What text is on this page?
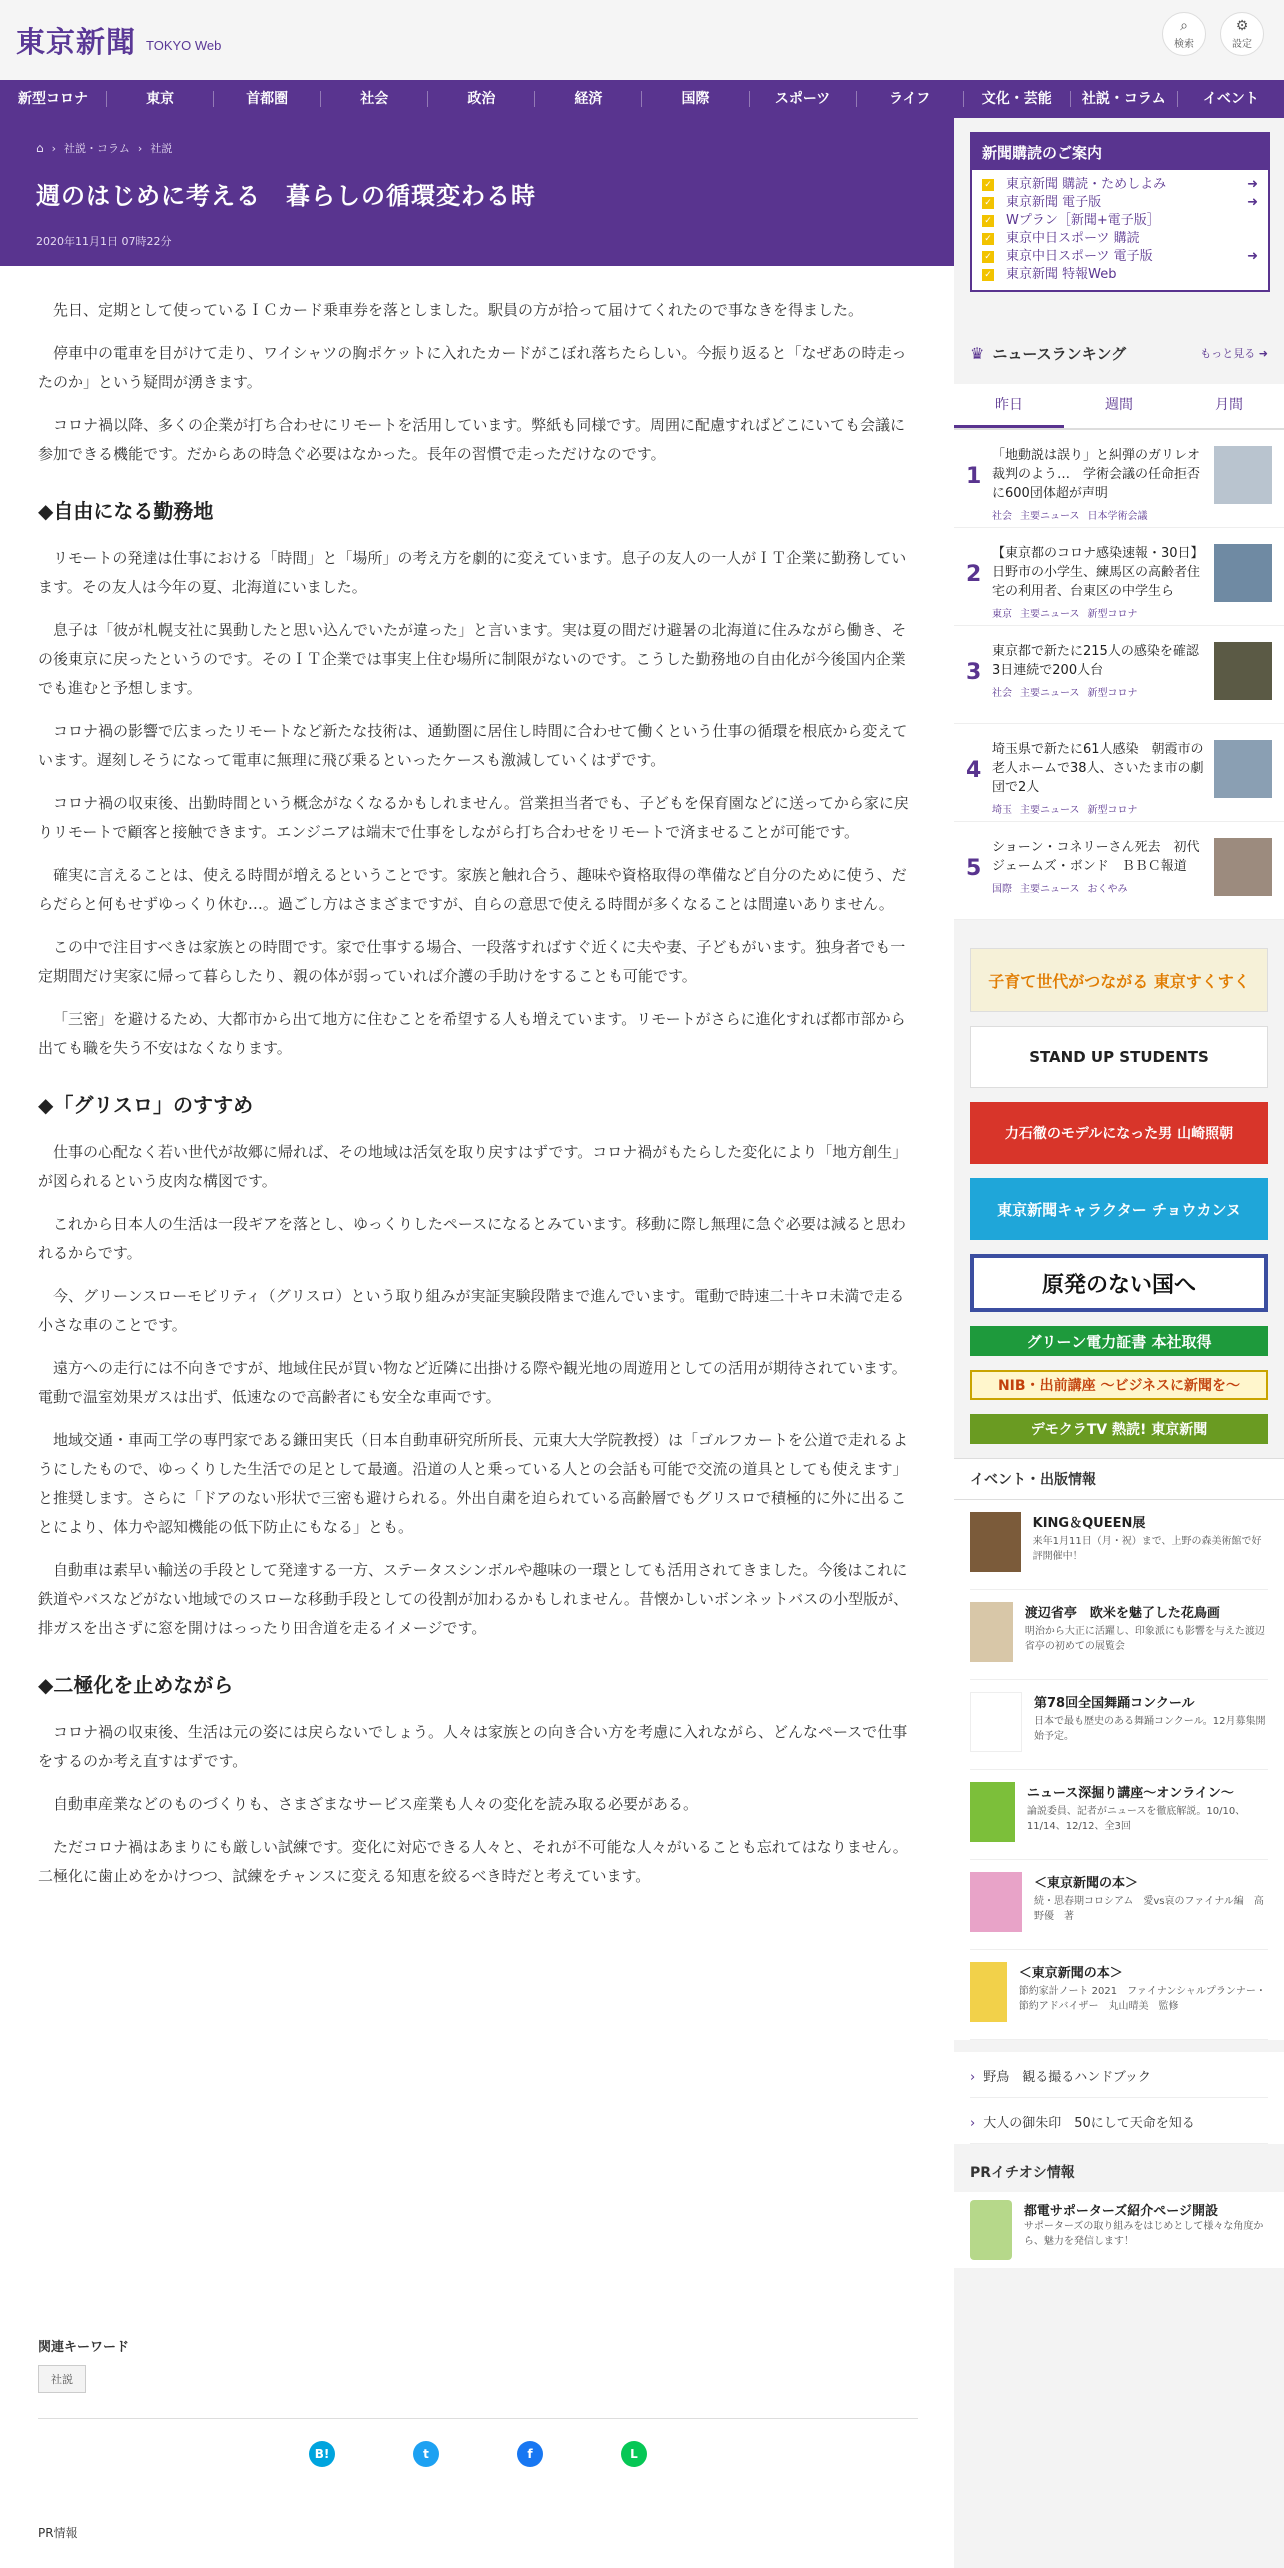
東京新聞 TOKYO Web
⌕
検索
⚙
設定
新型コロナ	東京	首都圏	社会	政治	経済	国際	スポーツ	ライフ	文化・芸能	社説・コラム	イベント
⌂ › 社説・コラム › 社説
週のはじめに考える　暮らしの循環変わる時
2020年11月1日 07時22分

先日、定期として使っているＩＣカード乗車券を落としました。駅員の方が拾って届けてくれたので事なきを得ました。

停車中の電車を目がけて走り、ワイシャツの胸ポケットに入れたカードがこぼれ落ちたらしい。今振り返ると「なぜあの時走ったのか」という疑問が湧きます。

コロナ禍以降、多くの企業が打ち合わせにリモートを活用しています。弊紙も同様です。周囲に配慮すればどこにいても会議に参加できる機能です。だからあの時急ぐ必要はなかった。長年の習慣で走っただけなのです。

◆自由になる勤務地

リモートの発達は仕事における「時間」と「場所」の考え方を劇的に変えています。息子の友人の一人がＩＴ企業に勤務しています。その友人は今年の夏、北海道にいました。

息子は「彼が札幌支社に異動したと思い込んでいたが違った」と言います。実は夏の間だけ避暑の北海道に住みながら働き、その後東京に戻ったというのです。そのＩＴ企業では事実上住む場所に制限がないのです。こうした勤務地の自由化が今後国内企業でも進むと予想します。

コロナ禍の影響で広まったリモートなど新たな技術は、通勤圏に居住し時間に合わせて働くという仕事の循環を根底から変えています。遅刻しそうになって電車に無理に飛び乗るといったケースも激減していくはずです。

コロナ禍の収束後、出勤時間という概念がなくなるかもしれません。営業担当者でも、子どもを保育園などに送ってから家に戻りリモートで顧客と接触できます。エンジニアは端末で仕事をしながら打ち合わせをリモートで済ませることが可能です。

確実に言えることは、使える時間が増えるということです。家族と触れ合う、趣味や資格取得の準備など自分のために使う、だらだらと何もせずゆっくり休む…。過ごし方はさまざまですが、自らの意思で使える時間が多くなることは間違いありません。

この中で注目すべきは家族との時間です。家で仕事する場合、一段落すればすぐ近くに夫や妻、子どもがいます。独身者でも一定期間だけ実家に帰って暮らしたり、親の体が弱っていれば介護の手助けをすることも可能です。

「三密」を避けるため、大都市から出て地方に住むことを希望する人も増えています。リモートがさらに進化すれば都市部から出ても職を失う不安はなくなります。

◆「グリスロ」のすすめ

仕事の心配なく若い世代が故郷に帰れば、その地域は活気を取り戻すはずです。コロナ禍がもたらした変化により「地方創生」が図られるという皮肉な構図です。

これから日本人の生活は一段ギアを落とし、ゆっくりしたペースになるとみています。移動に際し無理に急ぐ必要は減ると思われるからです。

今、グリーンスローモビリティ（グリスロ）という取り組みが実証実験段階まで進んでいます。電動で時速二十キロ未満で走る小さな車のことです。

遠方への走行には不向きですが、地域住民が買い物など近隣に出掛ける際や観光地の周遊用としての活用が期待されています。電動で温室効果ガスは出ず、低速なので高齢者にも安全な車両です。

地域交通・車両工学の専門家である鎌田実氏（日本自動車研究所所長、元東大大学院教授）は「ゴルフカートを公道で走れるようにしたもので、ゆっくりした生活での足として最適。沿道の人と乗っている人との会話も可能で交流の道具としても使えます」と推奨します。さらに「ドアのない形状で三密も避けられる。外出自粛を迫られている高齢層でもグリスロで積極的に外に出ることにより、体力や認知機能の低下防止にもなる」とも。

自動車は素早い輸送の手段として発達する一方、ステータスシンボルや趣味の一環としても活用されてきました。今後はこれに鉄道やバスなどがない地域でのスローな移動手段としての役割が加わるかもしれません。昔懐かしいボンネットバスの小型版が、排ガスを出さずに窓を開けはっったり田舎道を走るイメージです。

◆二極化を止めながら

コロナ禍の収束後、生活は元の姿には戻らないでしょう。人々は家族との向き合い方を考慮に入れながら、どんなペースで仕事をするのか考え直すはずです。

自動車産業などのものづくりも、さまざまなサービス産業も人々の変化を読み取る必要がある。

ただコロナ禍はあまりにも厳しい試練です。変化に対応できる人々と、それが不可能な人々がいることも忘れてはなりません。二極化に歯止めをかけつつ、試練をチャンスに変える知恵を絞るべき時だと考えています。

関連キーワード
社説
B!	t	f	L
PR情報
新聞購読のご案内
✓ 東京新聞 購読・ためしよみ	➜
✓ 東京新聞 電子版	➜
✓ Wプラン［新聞+電子版］
✓ 東京中日スポーツ 購読
✓ 東京中日スポーツ 電子版	➜
✓ 東京新聞 特報Web
♛ ニュースランキング	もっと見る ➜
昨日	週間	月間
1
「地動説は誤り」と糾弾のガリレオ裁判のよう…　学術会議の任命拒否に600団体超が声明
社会 主要ニュース 日本学術会議
2
【東京都のコロナ感染速報・30日】日野市の小学生、練馬区の高齢者住宅の利用者、台東区の中学生ら
東京 主要ニュース 新型コロナ
3
東京都で新たに215人の感染を確認　3日連続で200人台
社会 主要ニュース 新型コロナ
4
埼玉県で新たに61人感染　朝霞市の老人ホームで38人、さいたま市の劇団で2人
埼玉 主要ニュース 新型コロナ
5
ショーン・コネリーさん死去　初代ジェームズ・ボンド　ＢＢＣ報道
国際 主要ニュース おくやみ
子育て世代がつながる 東京すくすく
STAND UP STUDENTS
力石徹のモデルになった男 山崎照朝
東京新聞キャラクター チョウカンヌ
原発のない国へ
グリーン電力証書 本社取得
NIB・出前講座 ～ビジネスに新聞を～
デモクラTV 熱読! 東京新聞
イベント・出版情報
KING＆QUEEN展
来年1月11日（月・祝）まで、上野の森美術館で好評開催中！
渡辺省亭　欧米を魅了した花鳥画
明治から大正に活躍し、印象派にも影響を与えた渡辺省亭の初めての展覧会
第78回全国舞踊コンクール
日本で最も歴史のある舞踊コンクール。12月募集開始予定。
ニュース深掘り講座～オンライン～
論説委員、記者がニュースを徹底解説。10/10、11/14、12/12、全3回
＜東京新聞の本＞
続・思春期コロシアム　愛vs哀のファイナル編　高野優　著
＜東京新聞の本＞
節約家計ノート 2021　ファイナンシャルプランナー・節約アドバイザー　丸山晴美　監修
› 野鳥　観る撮るハンドブック
› 大人の御朱印　50にして天命を知る
PRイチオシ情報
都電サポーターズ紹介ページ開設
サポーターズの取り組みをはじめとして様々な角度から、魅力を発信します！
